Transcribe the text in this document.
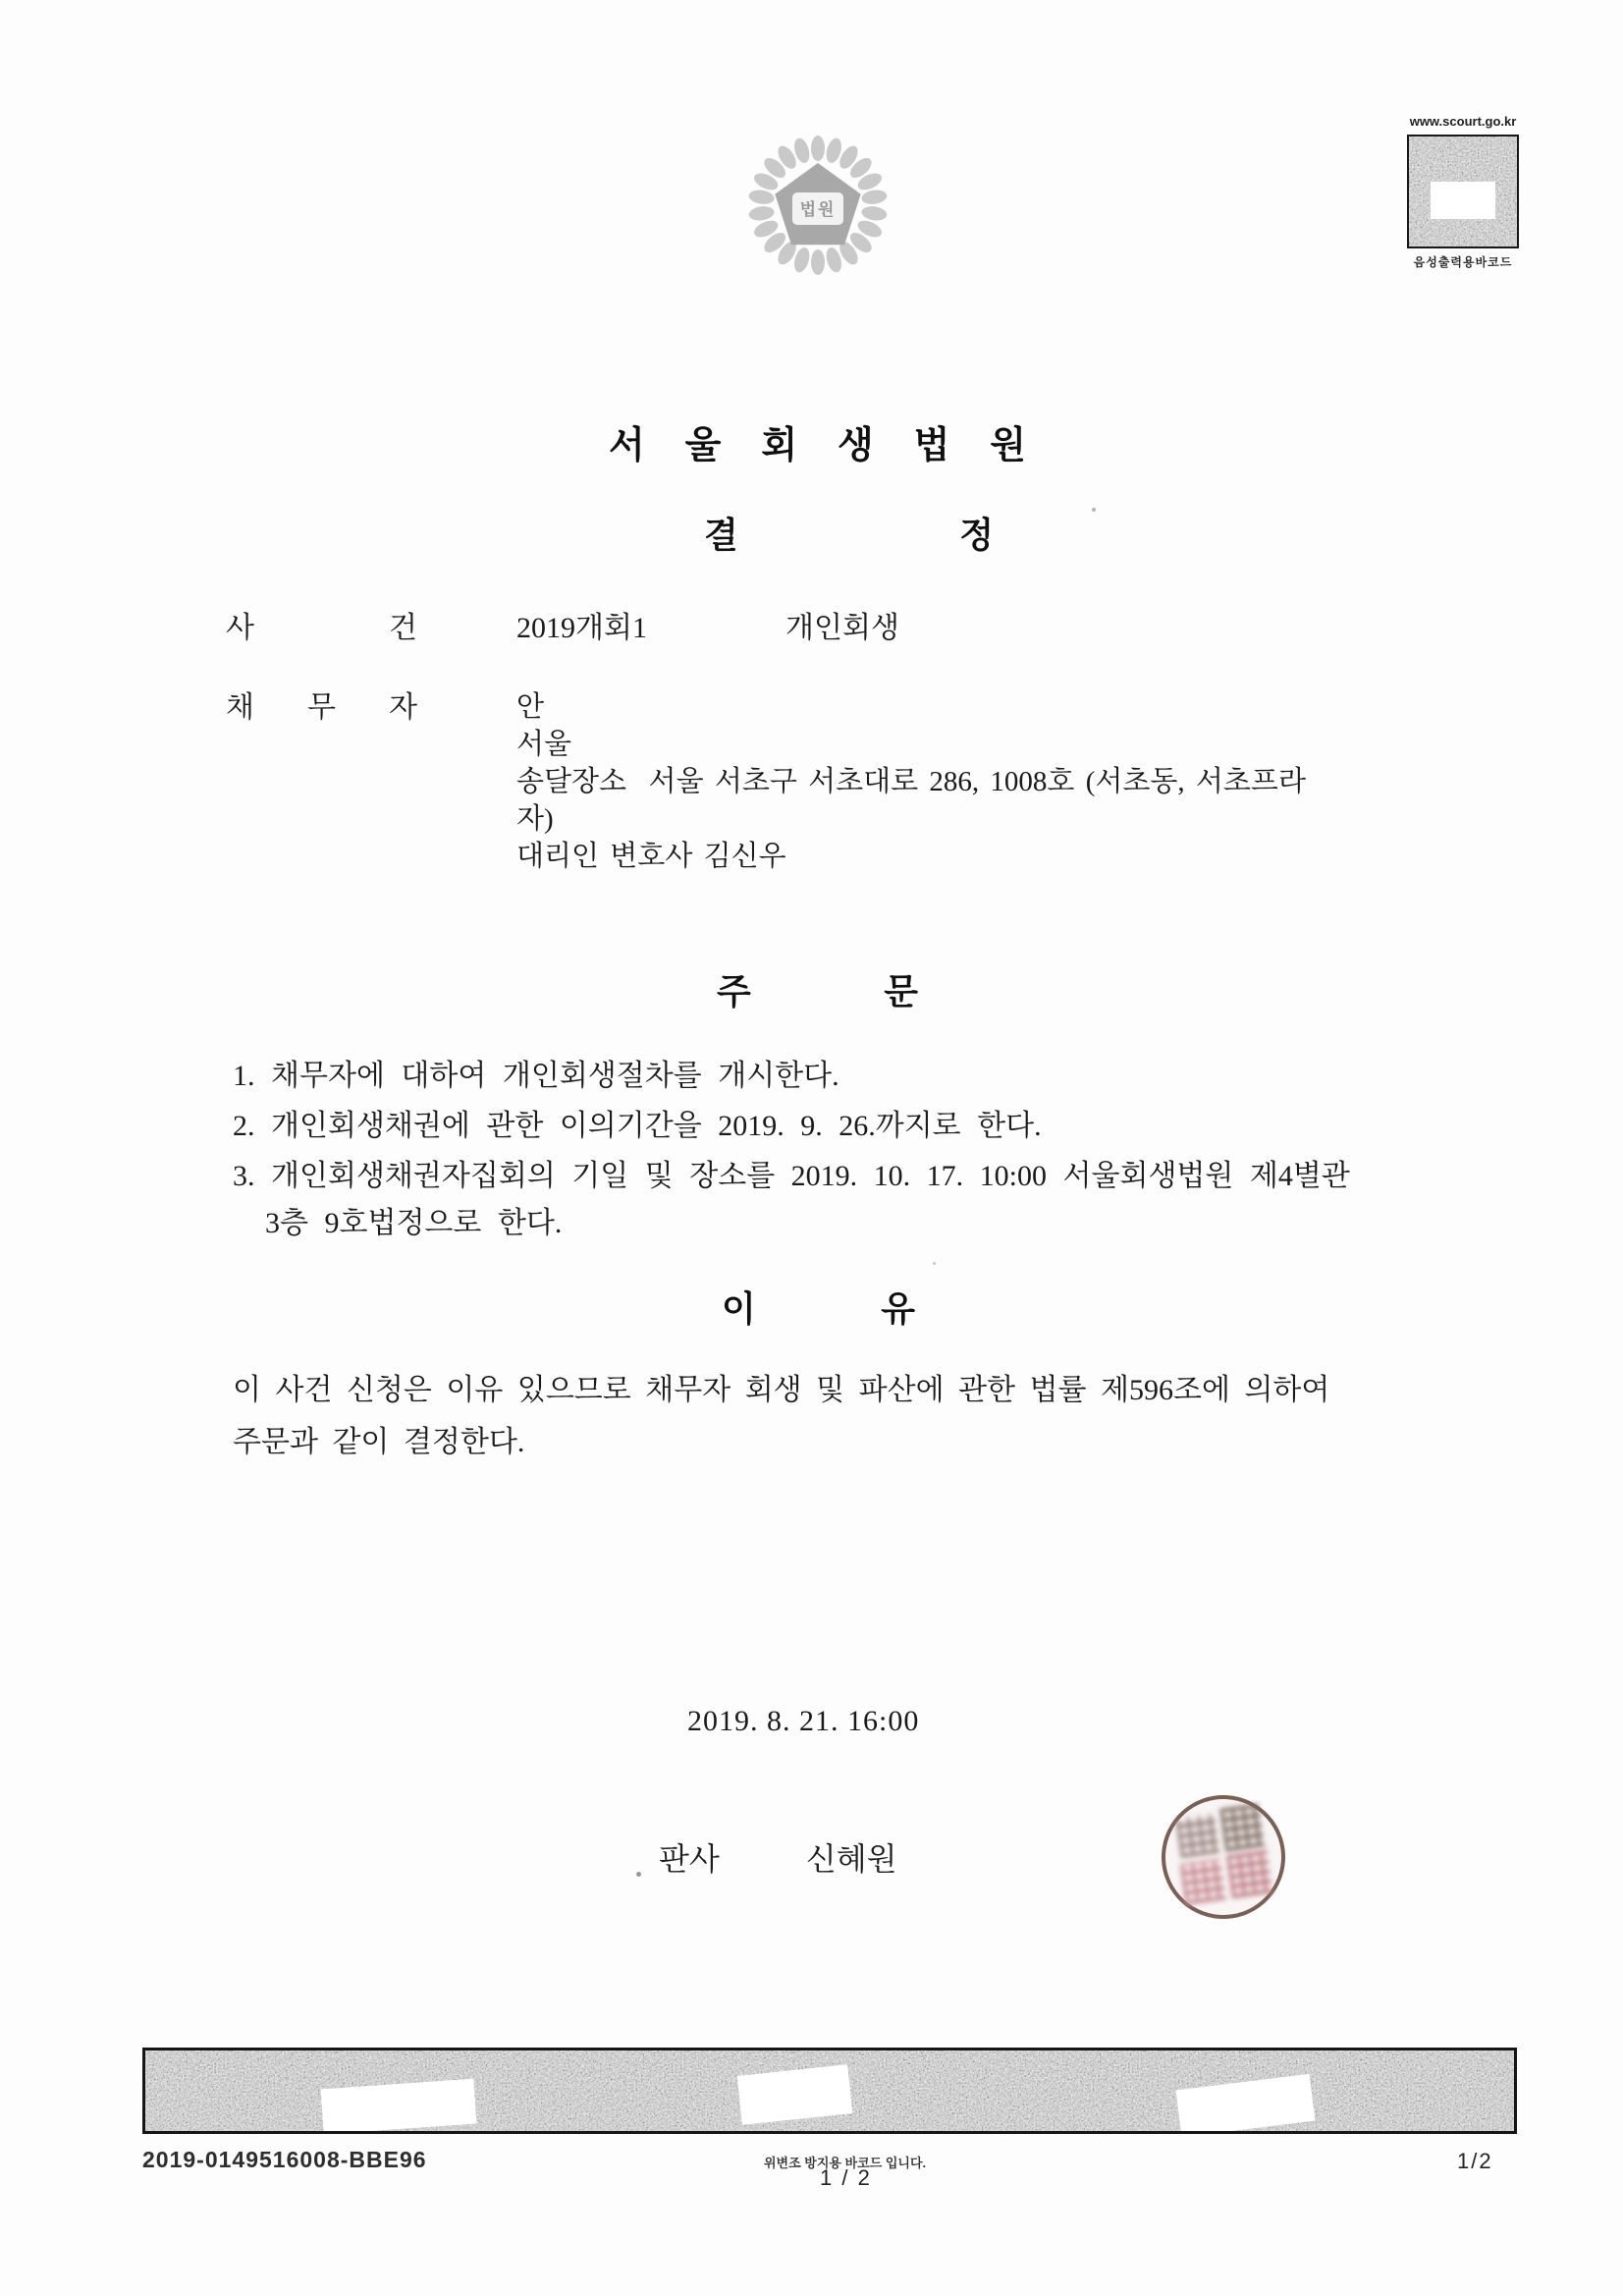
법원
www.scourt.go.kr
음성출력용바코드
서 울 회 생 법 원
결 정
사 건	2019개회1	개인회생
채 무 자	안
서울
송달장소  서울 서초구 서초대로 286, 1008호 (서초동, 서초프라
자)
대리인 변호사 김신우
주 문
1. 채무자에 대하여 개인회생절차를 개시한다.
2. 개인회생채권에 관한 이의기간을 2019. 9. 26.까지로 한다.
3. 개인회생채권자집회의 기일 및 장소를 2019. 10. 17. 10:00 서울회생법원 제4별관
3층 9호법정으로 한다.
이 유
이 사건 신청은 이유 있으므로 채무자 회생 및 파산에 관한 법률 제596조에 의하여
주문과 같이 결정한다.
2019. 8. 21. 16:00
판사	신혜원
2019-0149516008-BBE96	위변조 방지용 바코드 입니다.
1 / 2
1/2
